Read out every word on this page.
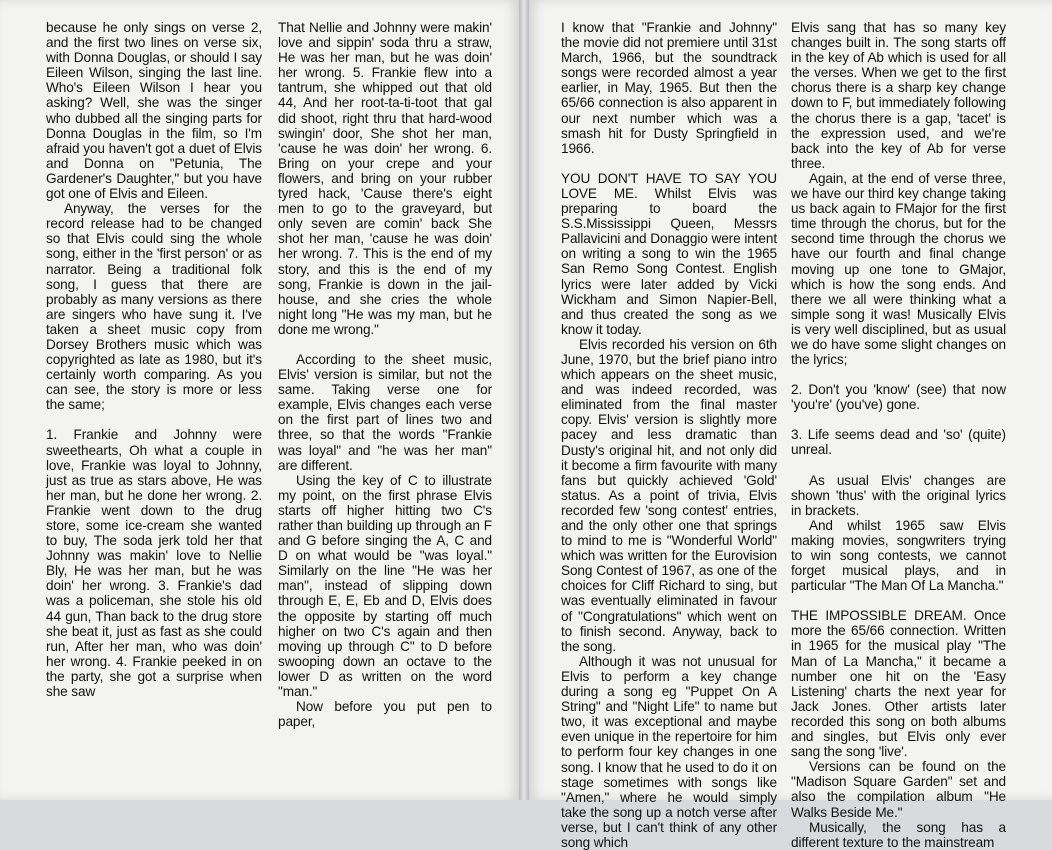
because he only sings on verse 2, and the first two lines on verse six, with Donna Douglas, or should I say Eileen Wilson, singing the last line. Who's Eileen Wilson I hear you asking? Well, she was the singer who dubbed all the singing parts for Donna Douglas in the film, so I'm afraid you haven't got a duet of Elvis and Donna on "Petunia, The Gardener's Daughter," but you have got one of Elvis and Eileen.

Anyway, the verses for the record release had to be changed so that Elvis could sing the whole song, either in the 'first person' or as narrator. Being a traditional folk song, I guess that there are probably as many versions as there are singers who have sung it. I've taken a sheet music copy from Dorsey Brothers music which was copyrighted as late as 1980, but it's certainly worth comparing. As you can see, the story is more or less the same;

1. Frankie and Johnny were sweethearts, Oh what a couple in love, Frankie was loyal to Johnny, just as true as stars above, He was her man, but he done her wrong. 2. Frankie went down to the drug store, some ice-cream she wanted to buy, The soda jerk told her that Johnny was makin' love to Nellie Bly, He was her man, but he was doin' her wrong. 3. Frankie's dad was a policeman, she stole his old 44 gun, Than back to the drug store she beat it, just as fast as she could run, After her man, who was doin' her wrong. 4. Frankie peeked in on the party, she got a surprise when she saw

That Nellie and Johnny were makin' love and sippin' soda thru a straw, He was her man, but he was doin' her wrong. 5. Frankie flew into a tantrum, she whipped out that old 44, And her root-ta-ti-toot that gal did shoot, right thru that hard-wood swingin' door, She shot her man, 'cause he was doin' her wrong. 6. Bring on your crepe and your flowers, and bring on your rubber tyred hack, 'Cause there's eight men to go to the graveyard, but only seven are comin' back She shot her man, 'cause he was doin' her wrong. 7. This is the end of my story, and this is the end of my song, Frankie is down in the jail-house, and she cries the whole night long "He was my man, but he done me wrong."

According to the sheet music, Elvis' version is similar, but not the same. Taking verse one for example, Elvis changes each verse on the first part of lines two and three, so that the words "Frankie was loyal" and "he was her man" are different.

Using the key of C to illustrate my point, on the first phrase Elvis starts off higher hitting two C's rather than building up through an F and G before singing the A, C and D on what would be "was loyal." Similarly on the line "He was her man", instead of slipping down through E, E, Eb and D, Elvis does the opposite by starting off much higher on two C's again and then moving up through C" to D before swooping down an octave to the lower D as written on the word "man."

Now before you put pen to paper,

I know that "Frankie and Johnny" the movie did not premiere until 31st March, 1966, but the soundtrack songs were recorded almost a year earlier, in May, 1965. But then the 65/66 connection is also apparent in our next number which was a smash hit for Dusty Springfield in 1966.

YOU DON'T HAVE TO SAY YOU LOVE ME. Whilst Elvis was preparing to board the S.S.Mississippi Queen, Messrs Pallavicini and Donaggio were intent on writing a song to win the 1965 San Remo Song Contest. English lyrics were later added by Vicki Wickham and Simon Napier-Bell, and thus created the song as we know it today.

Elvis recorded his version on 6th June, 1970, but the brief piano intro which appears on the sheet music, and was indeed recorded, was eliminated from the final master copy. Elvis' version is slightly more pacey and less dramatic than Dusty's original hit, and not only did it become a firm favourite with many fans but quickly achieved 'Gold' status. As a point of trivia, Elvis recorded few 'song contest' entries, and the only other one that springs to mind to me is "Wonderful World" which was written for the Eurovision Song Contest of 1967, as one of the choices for Cliff Richard to sing, but was eventually eliminated in favour of "Congratulations" which went on to finish second. Anyway, back to the song.

Although it was not unusual for Elvis to perform a key change during a song eg "Puppet On A String" and "Night Life" to name but two, it was exceptional and maybe even unique in the repertoire for him to perform four key changes in one song. I know that he used to do it on stage sometimes with songs like "Amen," where he would simply take the song up a notch verse after verse, but I can't think of any other song which

Elvis sang that has so many key changes built in. The song starts off in the key of Ab which is used for all the verses. When we get to the first chorus there is a sharp key change down to F, but immediately following the chorus there is a gap, 'tacet' is the expression used, and we're back into the key of Ab for verse three.

Again, at the end of verse three, we have our third key change taking us back again to FMajor for the first time through the chorus, but for the second time through the chorus we have our fourth and final change moving up one tone to GMajor, which is how the song ends. And there we all were thinking what a simple song it was! Musically Elvis is very well disciplined, but as usual we do have some slight changes on the lyrics;

2. Don't you 'know' (see) that now 'you're' (you've) gone.

3. Life seems dead and 'so' (quite) unreal.

As usual Elvis' changes are shown 'thus' with the original lyrics in brackets.

And whilst 1965 saw Elvis making movies, songwriters trying to win song contests, we cannot forget musical plays, and in particular "The Man Of La Mancha."

THE IMPOSSIBLE DREAM. Once more the 65/66 connection. Written in 1965 for the musical play "The Man of La Mancha," it became a number one hit on the 'Easy Listening' charts the next year for Jack Jones. Other artists later recorded this song on both albums and singles, but Elvis only ever sang the song 'live'.

Versions can be found on the "Madison Square Garden" set and also the compilation album "He Walks Beside Me."

Musically, the song has a different texture to the mainstream
